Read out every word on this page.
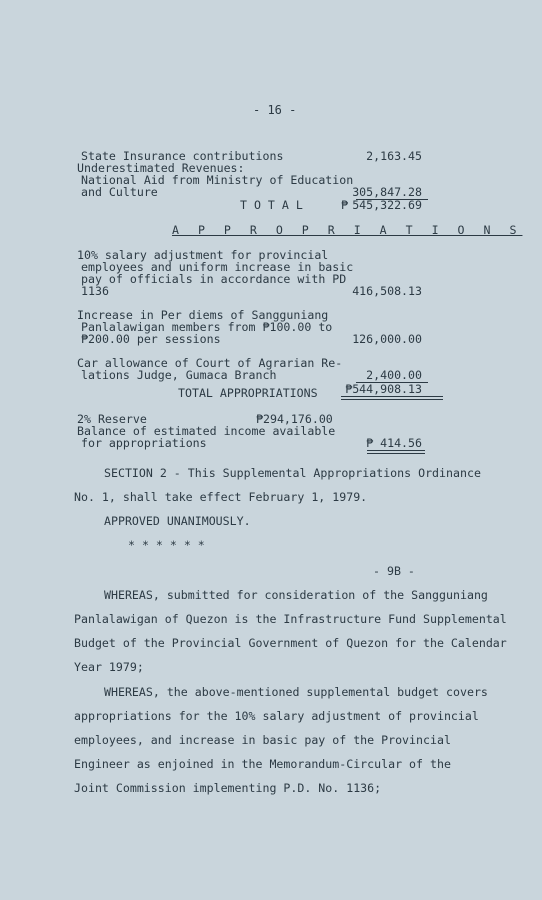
- 16 -
State Insurance contributions	2,163.45
Underestimated Revenues:
National Aid from Ministry of Education
and Culture	305,847.28
T O T A L	₱ 545,322.69
A P P R O P R I A T I O N S
10% salary adjustment for provincial
employees and uniform increase in basic
pay of officials in accordance with PD
1136	416,508.13
Increase in Per diems of Sangguniang
Panlalawigan members from ₱100.00 to
₱200.00 per sessions	126,000.00
Car allowance of Court of Agrarian Re-
lations Judge, Gumaca Branch	2,400.00
TOTAL APPROPRIATIONS	₱544,908.13
2% Reserve	₱294,176.00
Balance of estimated income available
for appropriations	₱ 414.56
SECTION 2 - This Supplemental Appropriations Ordinance
No. 1, shall take effect February 1, 1979.
APPROVED UNANIMOUSLY.
* * * * * *
- 9B -
WHEREAS, submitted for consideration of the Sangguniang
Panlalawigan of Quezon is the Infrastructure Fund Supplemental
Budget of the Provincial Government of Quezon for the Calendar
Year 1979;
WHEREAS, the above-mentioned supplemental budget covers
appropriations for the 10% salary adjustment of provincial
employees, and increase in basic pay of the Provincial
Engineer as enjoined in the Memorandum-Circular of the
Joint Commission implementing P.D. No. 1136;
